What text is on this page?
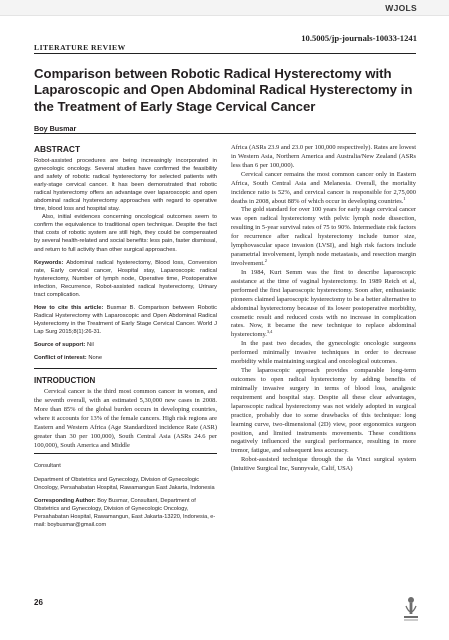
WJOLS
10.5005/jp-journals-10033-1241
LITERATURE REVIEW
Comparison between Robotic Radical Hysterectomy with Laparoscopic and Open Abdominal Radical Hysterectomy in the Treatment of Early Stage Cervical Cancer
Boy Busmar
ABSTRACT

Robot-assisted procedures are being increasingly incorporated in gynecologic oncology. Several studies have confirmed the feasibility and safety of robotic radical hysterectomy for selected patients with early-stage cervical cancer. It has been demonstrated that robotic radical hysterectomy offers an advantage over laparoscopic and open abdominal radical hysterectomy approaches with regard to operative time, blood loss and hospital stay.

Also, initial evidences concerning oncological outcomes seem to confirm the equivalence to traditional open technique. Despite the fact that costs of robotic system are still high, they could be compensated by several health-related and social benefits: less pain, faster dismissal, and return to full activity than other surgical approaches.

Keywords: Abdominal radical hysterectomy, Blood loss, Conversion rate, Early cervical cancer, Hospital stay, Laparoscopic radical hysterectomy, Number of lymph node, Operative time, Postoperative infection, Recurrence, Robot-assisted radical hysterectomy, Urinary tract complication.

How to cite this article: Busmar B. Comparison between Robotic Radical Hysterectomy with Laparoscopic and Open Abdominal Radical Hysterectomy in the Treatment of Early Stage Cervical Cancer. World J Lap Surg 2015;8(1):26-31.

Source of support: Nil

Conflict of interest: None

INTRODUCTION

Cervical cancer is the third most common cancer in women, and the seventh overall, with an estimated 5,30,000 new cases in 2008. More than 85% of the global burden occurs in developing countries, where it accounts for 13% of the female cancers. High risk regions are Eastern and Western Africa (Age Standardized incidence Rate (ASR) greater than 30 per 100,000), South Central Asia (ASRs 24.6 per 100,000), South America and Middle

Consultant

Department of Obstetrics and Gynecology, Division of Gynecologic Oncology, Persahabatan Hospital, Rawamangun East Jakarta, Indonesia

Corresponding Author: Boy Busmar, Consultant, Department of Obstetrics and Gynecology, Division of Gynecologic Oncology, Persahabatan Hospital, Rawamangun, East Jakarta-13220, Indonesia, e-mail: boybusmar@gmail.com

Africa (ASRs 23.9 and 23.0 per 100,000 respectively). Rates are lowest in Western Asia, Northern America and Australia/New Zealand (ASRs less than 6 per 100,000).

Cervical cancer remains the most common cancer only in Eastern Africa, South Central Asia and Melanesia. Overall, the mortality incidence ratio is 52%, and cervical cancer is responsible for 2,75,000 deaths in 2008, about 88% of which occur in developing countries.$^1$

The gold standard for over 100 years for early stage cervical cancer was open radical hysterectomy with pelvic lymph node dissection, resulting in 5-year survival rates of 75 to 90%. Intermediate risk factors for recurrence after radical hysterectomy include tumor size, lymphovascular space invasion (LVSI), and high risk factors include parametrial involvement, lymph node metastasis, and resection margin involvement.$^2$

In 1984, Kurt Semm was the first to describe laparoscopic assistance at the time of vaginal hysterectomy. In 1989 Reich et al, performed the first laparoscopic hysterectomy. Soon after, enthusiastic pioneers claimed laparoscopic hysterectomy to be a better alternative to abdominal hysterectomy because of its lower postoperative morbidity, cosmetic result and reduced costs with no increase in complication rates. Now, it became the new technique to replace abdominal hysterectomy.$^{3,4}$

In the past two decades, the gynecologic oncologic surgeons performed minimally invasive techniques in order to decrease morbidity while maintaining surgical and oncological outcomes.

The laparoscopic approach provides comparable long-term outcomes to open radical hysterectomy by adding benefits of minimally invasive surgery in terms of blood loss, analgesic requirement and hospital stay. Despite all these clear advantages, laparoscopic radical hysterectomy was not widely adopted in surgical practice, probably due to some drawbacks of this technique: long learning curve, two-dimensional (2D) view, poor ergonomics surgeon position, and limited instruments movements. These conditions negatively influenced the surgical performance, resulting in more tremor, fatigue, and subsequent less accuracy.

Robot-assisted technique through the da Vinci surgical system (Intuitive Surgical Inc, Sunnyvale, Calif, USA)

26
